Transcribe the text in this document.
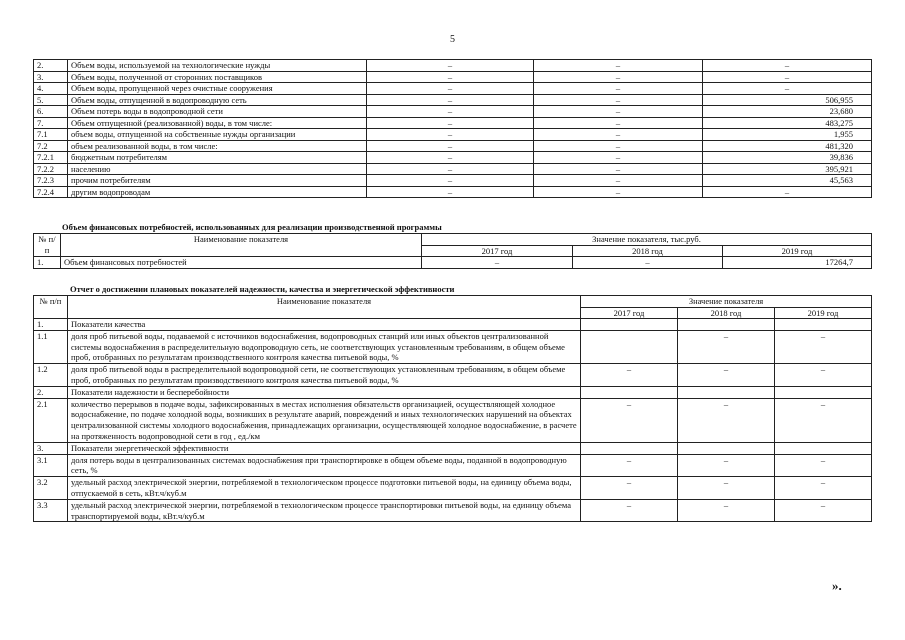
5
2.	Объем воды, используемой на технологические нужды	–	–	–
3.	Объем воды, полученной от сторонних поставщиков	–	–	–
4.	Объем воды, пропущенной через очистные сооружения	–	–	–
5.	Объем воды, отпущенной в водопроводную сеть	–	–	506,955
6.	Объем потерь воды в водопроводной сети	–	–	23,680
7.	Объем отпущенной (реализованной) воды, в том числе:	–	–	483,275
7.1	объем воды, отпущенной на собственные нужды организации	–	–	1,955
7.2	объем реализованной воды, в том числе:	–	–	481,320
7.2.1	бюджетным потребителям	–	–	39,836
7.2.2	населению	–	–	395,921
7.2.3	прочим потребителям	–	–	45,563
7.2.4	другим водопроводам	–	–	–
Объем финансовых потребностей, использованных для реализации производственной программы
№ п/п	Наименование показателя	Значение показателя, тыс.руб.		
		2017 год	2018 год	2019 год
1.	Объем финансовых потребностей	–	–	17264,7
Отчет о достижении плановых показателей надежности, качества и энергетической эффективности
№ п/п	Наименование показателя	Значение показателя		
		2017 год	2018 год	2019 год
1.	Показатели качества			
1.1	доля проб питьевой воды, подаваемой с источников водоснабжения, водопроводных станций или иных объектов централизованной системы водоснабжения в распределительную водопроводную сеть, не соответствующих установленным требованиям, в общем объеме проб, отобранных по результатам производственного контроля качества питьевой воды, %		–	–
1.2	доля проб питьевой воды в распределительной водопроводной сети, не соответствующих установленным требованиям, в общем объеме проб, отобранных по результатам производственного контроля качества питьевой воды, %	–	–	–
2.	Показатели надежности и бесперебойности			
2.1	количество перерывов в подаче воды, зафиксированных в местах исполнения обязательств организацией, осуществляющей холодное водоснабжение, по подаче холодной воды, возникших в результате аварий, повреждений и иных технологических нарушений на объектах централизованной системы холодного водоснабжения, принадлежащих организации, осуществляющей холодное водоснабжение, в расчете на протяженность водопроводной сети в год , ед./км	–	–	–
3.	Показатели энергетической эффективности			
3.1	доля потерь воды в централизованных системах водоснабжения при транспортировке в общем объеме воды, поданной в водопроводную сеть, %	–	–	–
3.2	удельный расход электрической энергии, потребляемой в технологическом процессе подготовки питьевой воды, на единицу объема воды, отпускаемой в сеть, кВт.ч/куб.м	–	–	–
3.3	удельный расход электрической энергии, потребляемой в технологическом процессе транспортировки питьевой воды, на единицу объема транспортируемой воды, кВт.ч/куб.м	–	–	–
».
